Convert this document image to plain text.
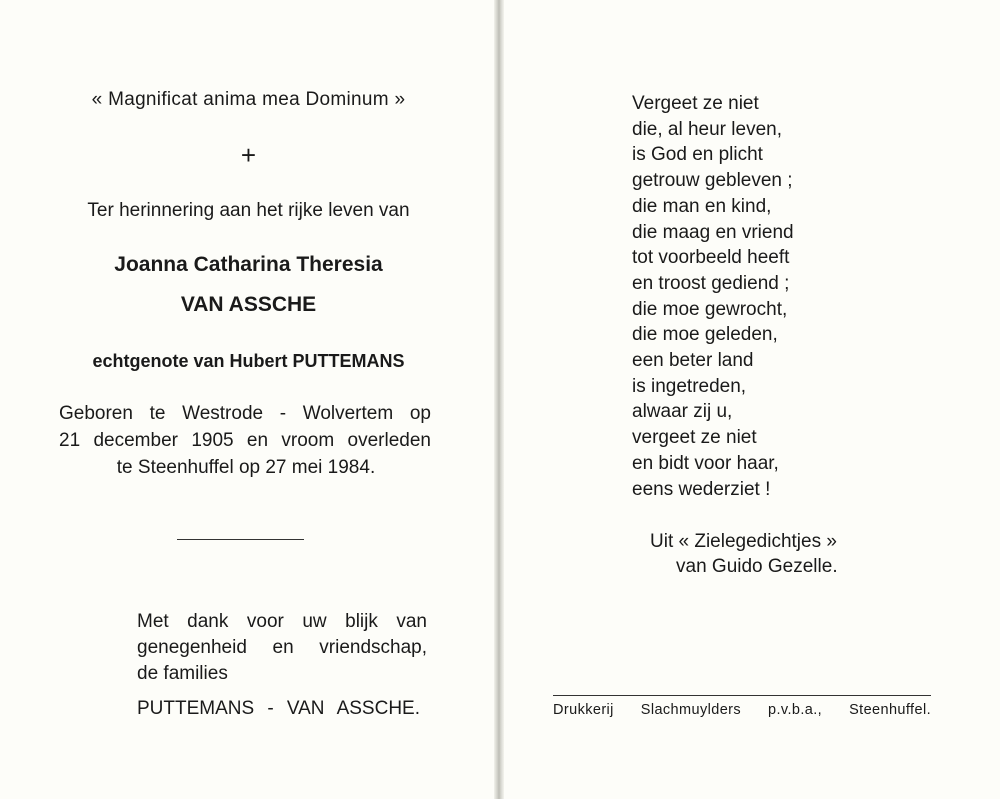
« Magnificat anima mea Dominum »
+
Ter herinnering aan het rijke leven van
Joanna Catharina Theresia
VAN ASSCHE
echtgenote van Hubert PUTTEMANS
Geboren te Westrode - Wolvertem op
21 december 1905 en vroom overleden
te Steenhuffel op 27 mei 1984.
Met dank voor uw blijk van
genegenheid en vriendschap,
de families
PUTTEMANS - VAN ASSCHE.
Vergeet ze niet
die, al heur leven,
is God en plicht
getrouw gebleven ;
die man en kind,
die maag en vriend
tot voorbeeld heeft
en troost gediend ;
die moe gewrocht,
die moe geleden,
een beter land
is ingetreden,
alwaar zij u,
vergeet ze niet
en bidt voor haar,
eens wederziet !
Uit « Zielegedichtjes »
van Guido Gezelle.
Drukkerij Slachmuylders p.v.b.a., Steenhuffel.
